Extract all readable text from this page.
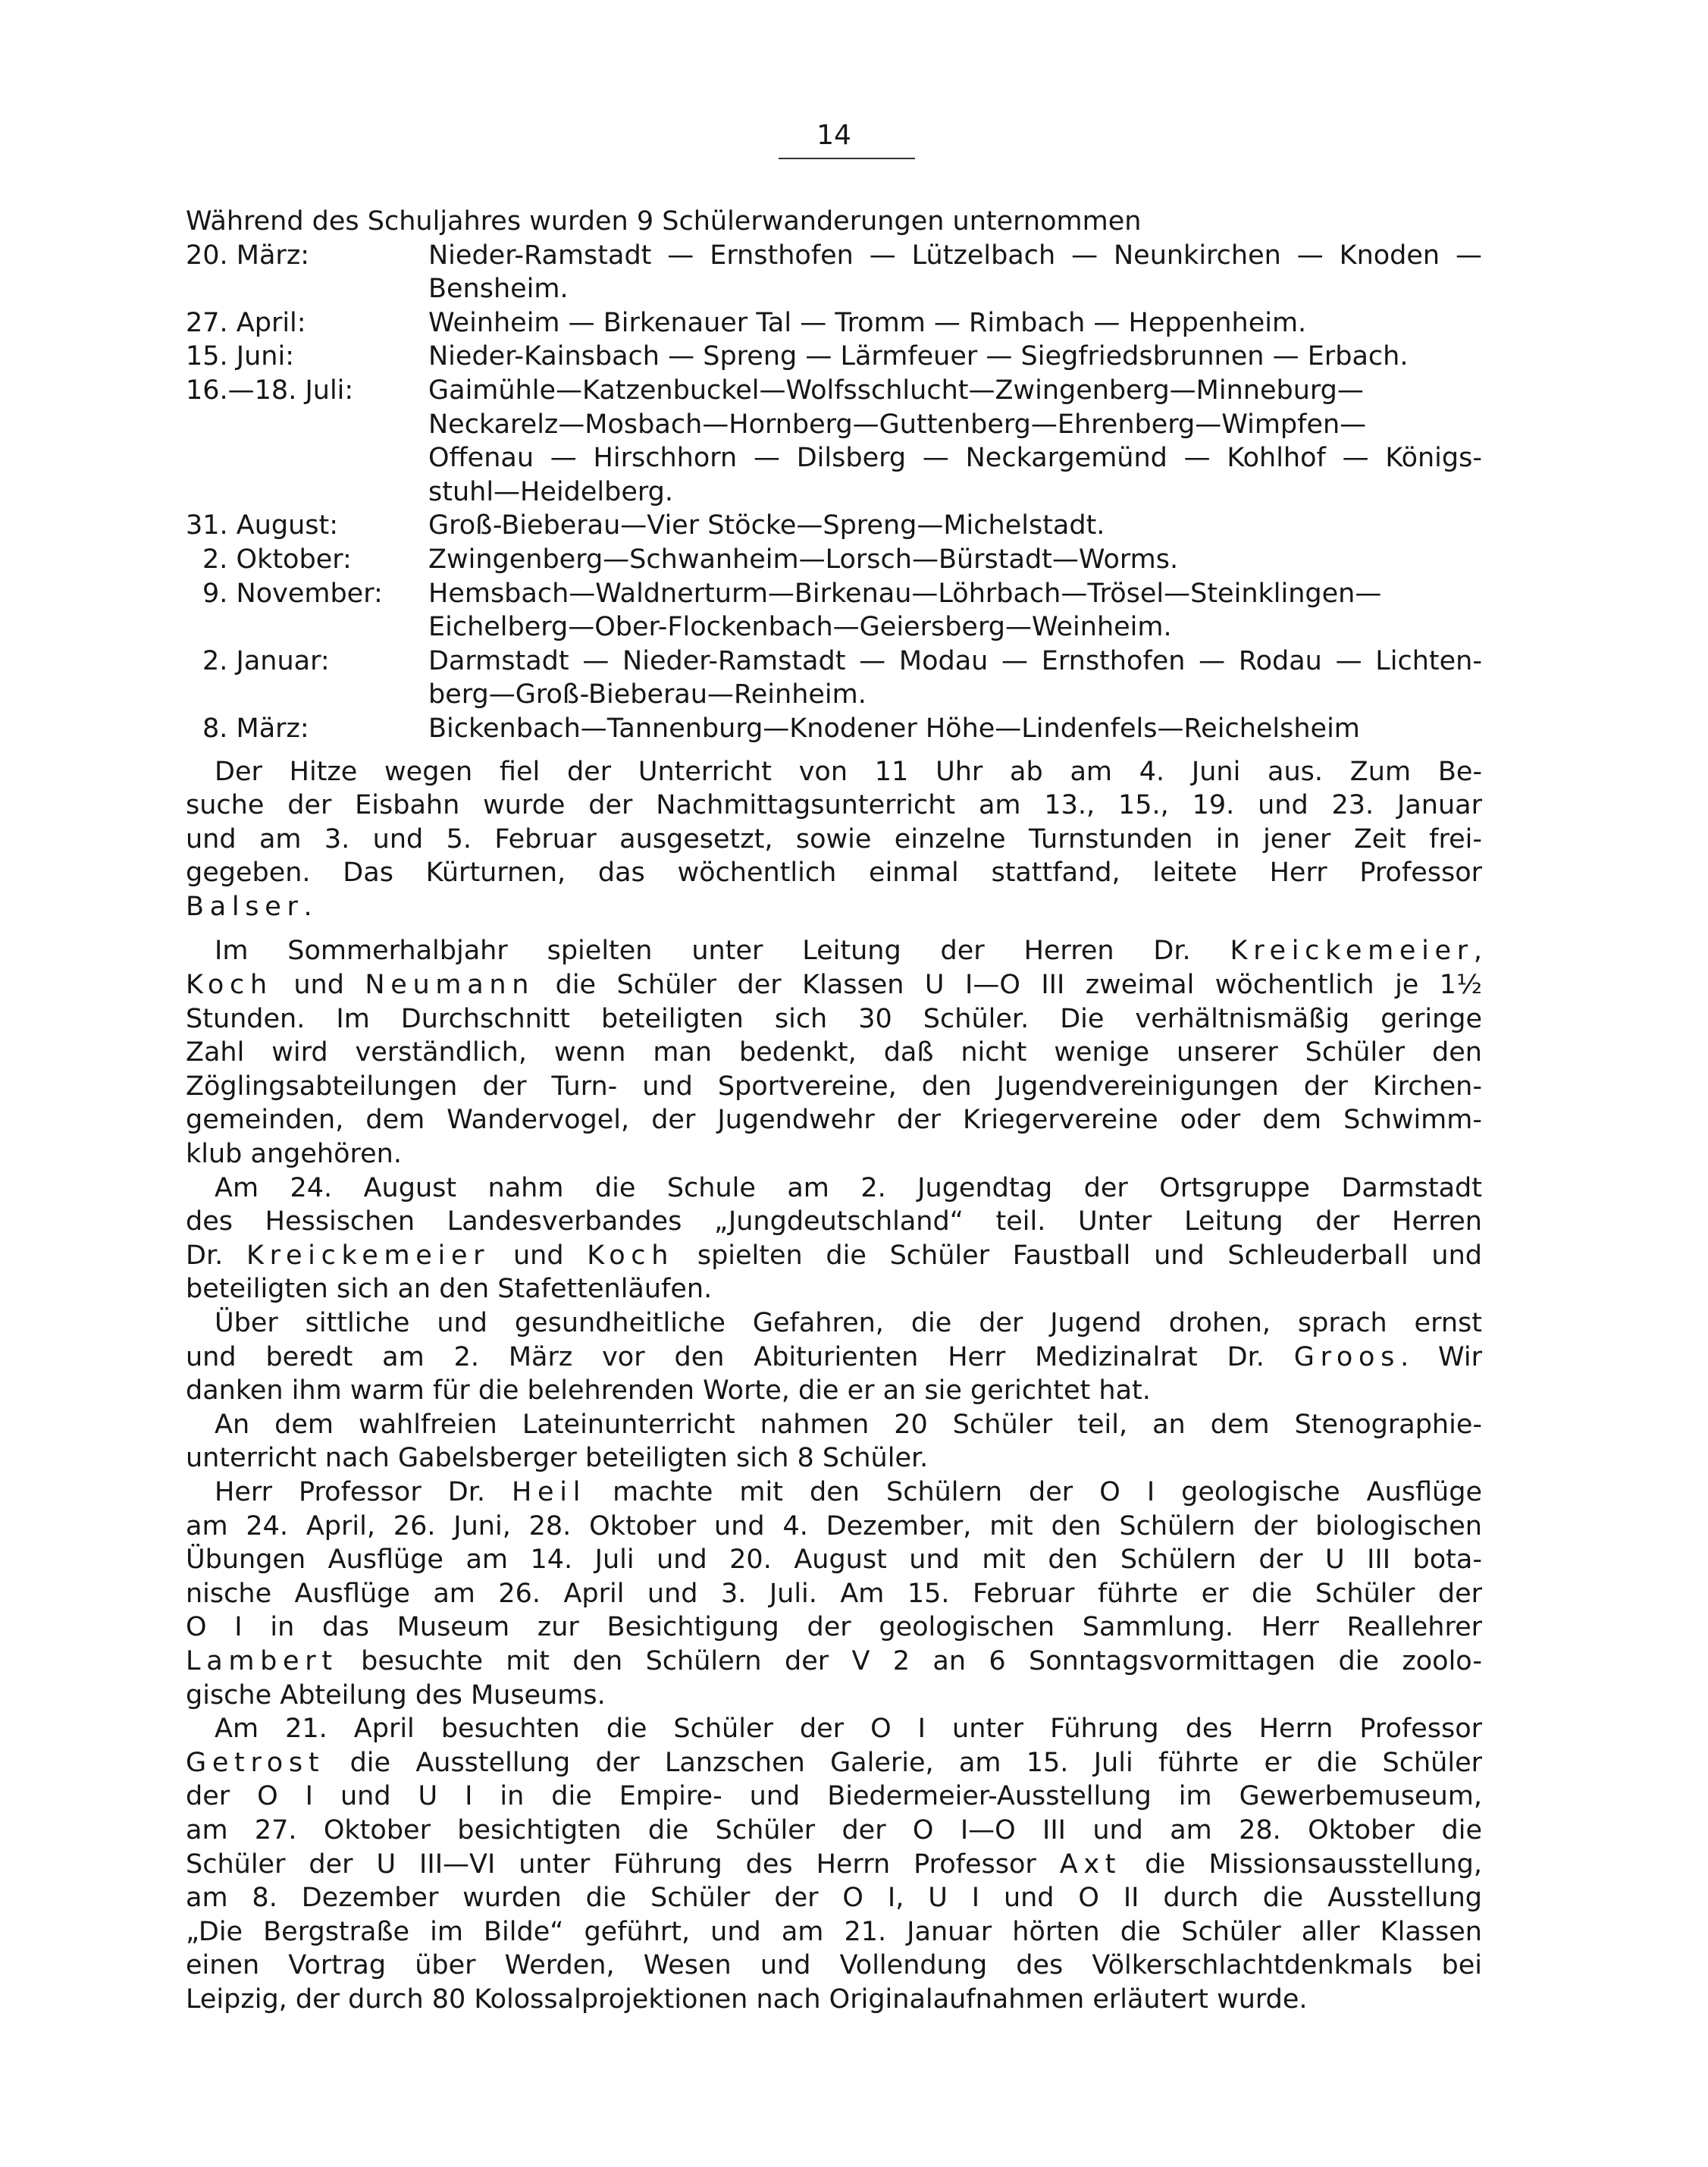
14
Während des Schuljahres wurden 9 Schülerwanderungen unternommen
20. März:	Nieder-Ramstadt — Ernsthofen — Lützelbach — Neunkirchen — Knoden —
Bensheim.
27. April:	Weinheim — Birkenauer Tal — Tromm — Rimbach — Heppenheim.
15. Juni:	Nieder-Kainsbach — Spreng — Lärmfeuer — Siegfriedsbrunnen — Erbach.
16.—18. Juli:	Gaimühle—Katzenbuckel—Wolfsschlucht—Zwingenberg—Minneburg—
Neckarelz—Mosbach—Hornberg—Guttenberg—Ehrenberg—Wimpfen—
Offenau — Hirschhorn — Dilsberg — Neckargemünd — Kohlhof — Königs-
stuhl—Heidelberg.
31. August:	Groß-Bieberau—Vier Stöcke—Spreng—Michelstadt.
2. Oktober:	Zwingenberg—Schwanheim—Lorsch—Bürstadt—Worms.
9. November:	Hemsbach—Waldnerturm—Birkenau—Löhrbach—Trösel—Steinklingen—
Eichelberg—Ober-Flockenbach—Geiersberg—Weinheim.
2. Januar:	Darmstadt — Nieder-Ramstadt — Modau — Ernsthofen — Rodau — Lichten-
berg—Groß-Bieberau—Reinheim.
8. März:	Bickenbach—Tannenburg—Knodener Höhe—Lindenfels—Reichelsheim
Der Hitze wegen fiel der Unterricht von 11 Uhr ab am 4. Juni aus. Zum Be-
suche der Eisbahn wurde der Nachmittagsunterricht am 13., 15., 19. und 23. Januar
und am 3. und 5. Februar ausgesetzt, sowie einzelne Turnstunden in jener Zeit frei-
gegeben. Das Kürturnen, das wöchentlich einmal stattfand, leitete Herr Professor
Balser.
Im Sommerhalbjahr spielten unter Leitung der Herren Dr. Kreickemeier,
Koch und Neumann die Schüler der Klassen U I—O III zweimal wöchentlich je 1½
Stunden. Im Durchschnitt beteiligten sich 30 Schüler. Die verhältnismäßig geringe
Zahl wird verständlich, wenn man bedenkt, daß nicht wenige unserer Schüler den
Zöglingsabteilungen der Turn- und Sportvereine, den Jugendvereinigungen der Kirchen-
gemeinden, dem Wandervogel, der Jugendwehr der Kriegervereine oder dem Schwimm-
klub angehören.
Am 24. August nahm die Schule am 2. Jugendtag der Ortsgruppe Darmstadt
des Hessischen Landesverbandes „Jungdeutschland“ teil. Unter Leitung der Herren
Dr. Kreickemeier und Koch spielten die Schüler Faustball und Schleuderball und
beteiligten sich an den Stafettenläufen.
Über sittliche und gesundheitliche Gefahren, die der Jugend drohen, sprach ernst
und beredt am 2. März vor den Abiturienten Herr Medizinalrat Dr. Groos. Wir
danken ihm warm für die belehrenden Worte, die er an sie gerichtet hat.
An dem wahlfreien Lateinunterricht nahmen 20 Schüler teil, an dem Stenographie-
unterricht nach Gabelsberger beteiligten sich 8 Schüler.
Herr Professor Dr. Heil machte mit den Schülern der O I geologische Ausflüge
am 24. April, 26. Juni, 28. Oktober und 4. Dezember, mit den Schülern der biologischen
Übungen Ausflüge am 14. Juli und 20. August und mit den Schülern der U III bota-
nische Ausflüge am 26. April und 3. Juli. Am 15. Februar führte er die Schüler der
O I in das Museum zur Besichtigung der geologischen Sammlung. Herr Reallehrer
Lambert besuchte mit den Schülern der V 2 an 6 Sonntagsvormittagen die zoolo-
gische Abteilung des Museums.
Am 21. April besuchten die Schüler der O I unter Führung des Herrn Professor
Getrost die Ausstellung der Lanzschen Galerie, am 15. Juli führte er die Schüler
der O I und U I in die Empire- und Biedermeier-Ausstellung im Gewerbemuseum,
am 27. Oktober besichtigten die Schüler der O I—O III und am 28. Oktober die
Schüler der U III—VI unter Führung des Herrn Professor Axt die Missionsausstellung,
am 8. Dezember wurden die Schüler der O I, U I und O II durch die Ausstellung
„Die Bergstraße im Bilde“ geführt, und am 21. Januar hörten die Schüler aller Klassen
einen Vortrag über Werden, Wesen und Vollendung des Völkerschlachtdenkmals bei
Leipzig, der durch 80 Kolossalprojektionen nach Originalaufnahmen erläutert wurde.
